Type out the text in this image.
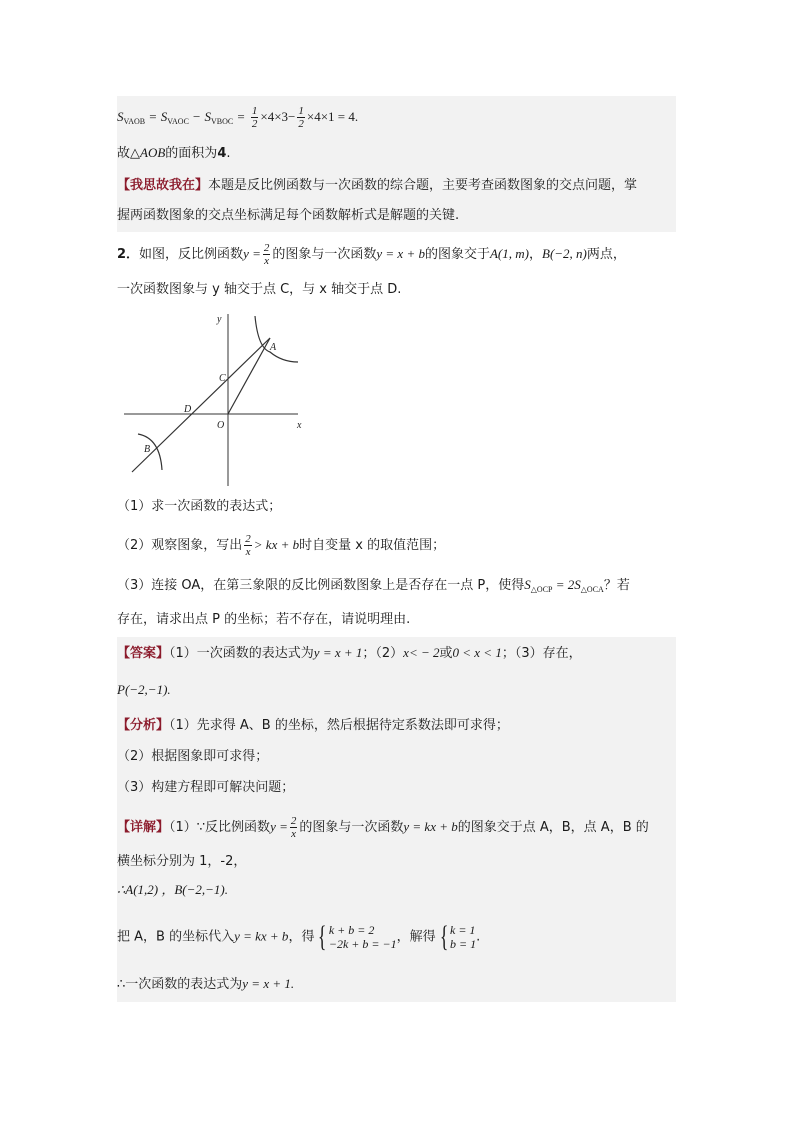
$S_{VAOB} = S_{VAOC} - S_{VBOC} = \frac{1}{2} \times 4\times 3- \frac{1}{2} \times 4\times 1 = 4$.
故△AOB的面积为4.
【我思故我在】本题是反比例函数与一次函数的综合题，主要考查函数图象的交点问题，掌
握两函数图象的交点坐标满足每个函数解析式是解题的关键.
2．如图，反比例函数$y = \frac{2}{x}$ 的图象与一次函数y = x + b的图象交于A(1, m)，B(−2, n)两点，
一次函数图象与 y 轴交于点 C，与 x 轴交于点 D.
y
x
O
A
B
C
D
（1）求一次函数的表达式；
（2）观察图象，写出 $\frac{2}{x}$ > kx + b时自变量 x 的取值范围；
（3）连接 OA，在第三象限的反比例函数图象上是否存在一点 P，使得$S_{\triangle OCP} = 2S_{\triangle OCA}$？若
存在，请求出点 P 的坐标；若不存在，请说明理由.
【答案】（1）一次函数的表达式为y = x + 1；（2）x< − 2或0 < x < 1；（3）存在，
P(−2,−1).
【分析】（1）先求得 A、B 的坐标，然后根据待定系数法即可求得；
（2）根据图象即可求得；
（3）构建方程即可解决问题；
【详解】（1）∵反比例函数$y = \frac{2}{x}$ 的图象与一次函数y = kx + b的图象交于点 A，B，点 A，B 的
横坐标分别为 1，-2，
∴A(1,2) ，B(−2,−1).
把 A，B 的坐标代入y = kx + b，得 { k + b = 2
−2k + b = −1 ，解得 { k = 1
b = 1 .
∴一次函数的表达式为y = x + 1.
